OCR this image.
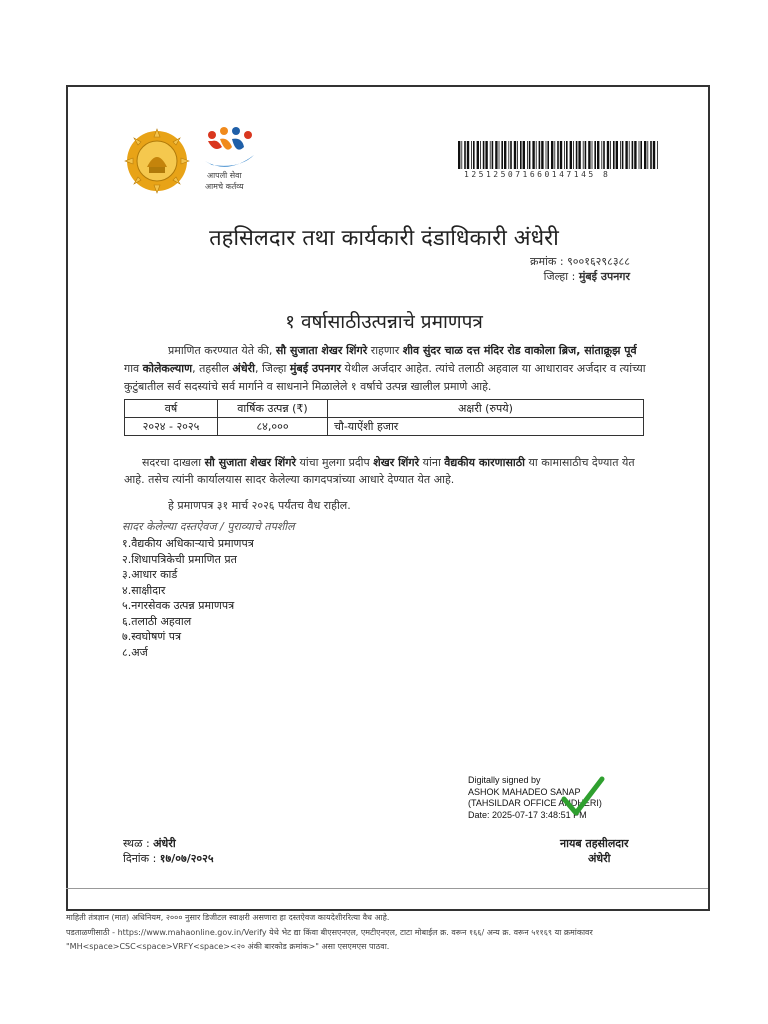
आपली सेवा
आमचे कर्तव्य
125125071660147145 8
तहसिलदार तथा कार्यकारी दंडाधिकारी अंधेरी
क्रमांक : ९००१६२९८३८८
जिल्हा : मुंबई उपनगर
१ वर्षासाठीउत्पन्नाचे प्रमाणपत्र
प्रमाणित करण्यात येते की, सौ सुजाता शेखर शिंगरे राहणार शीव सुंदर चाळ दत्त मंदिर रोड वाकोला ब्रिज, सांताक्रूझ पूर्व गाव कोलेकल्याण, तहसील अंधेरी, जिल्हा मुंबई उपनगर येथील अर्जदार आहेत. त्यांचे तलाठी अहवाल या आधारावर अर्जदार व त्यांच्या कुटुंबातील सर्व सदस्यांचे सर्व मार्गाने व साधनाने मिळालेले १ वर्षाचे उत्पन्न खालील प्रमाणे आहे.
वर्ष	वार्षिक उत्पन्न (₹)	अक्षरी (रुपये)
२०२४ - २०२५	८४,०००	चौ-याऐंशी हजार
सदरचा दाखला सौ सुजाता शेखर शिंगरे यांचा मुलगा प्रदीप शेखर शिंगरे यांना वैद्यकीय कारणासाठी या कामासाठीच देण्यात येत आहे. तसेच त्यांनी कार्यालयास सादर केलेल्या कागदपत्रांच्या आधारे देण्यात येत आहे.
हे प्रमाणपत्र ३१ मार्च २०२६ पर्यंतच वैध राहील.
सादर केलेल्या दस्तऐवज / पुराव्याचे तपशील
१.वैद्यकीय अधिकाऱ्याचे प्रमाणपत्र
२.शिधापत्रिकेची प्रमाणित प्रत
३.आधार कार्ड
४.साक्षीदार
५.नगरसेवक उत्पन्न प्रमाणपत्र
६.तलाठी अहवाल
७.स्वघोषणं पत्र
८.अर्ज
Digitally signed by
ASHOK MAHADEO SANAP
(TAHSILDAR OFFICE ANDHERI)
Date: 2025-07-17 3:48:51 PM
स्थळ : अंधेरी
दिनांक : १७/०७/२०२५
नायब तहसीलदार
अंधेरी
माहिती तंत्रज्ञान (मात) अधिनियम, २००० नुसार डिजीटल स्वाक्षरी असणारा हा दस्तऐवज कायदेशीररित्या वैध आहे.
पडताळणीसाठी - https://www.mahaonline.gov.in/Verify येथे भेट द्या किंवा बीएसएनएल, एमटीएनएल, टाटा मोबाईल क्र. वरून १६६/ अन्य क्र. वरून ५११६९ या क्रमांकावर
"MH<space>CSC<space>VRFY<space><२० अंकी बारकोड क्रमांक>" असा एसएमएस पाठवा.
